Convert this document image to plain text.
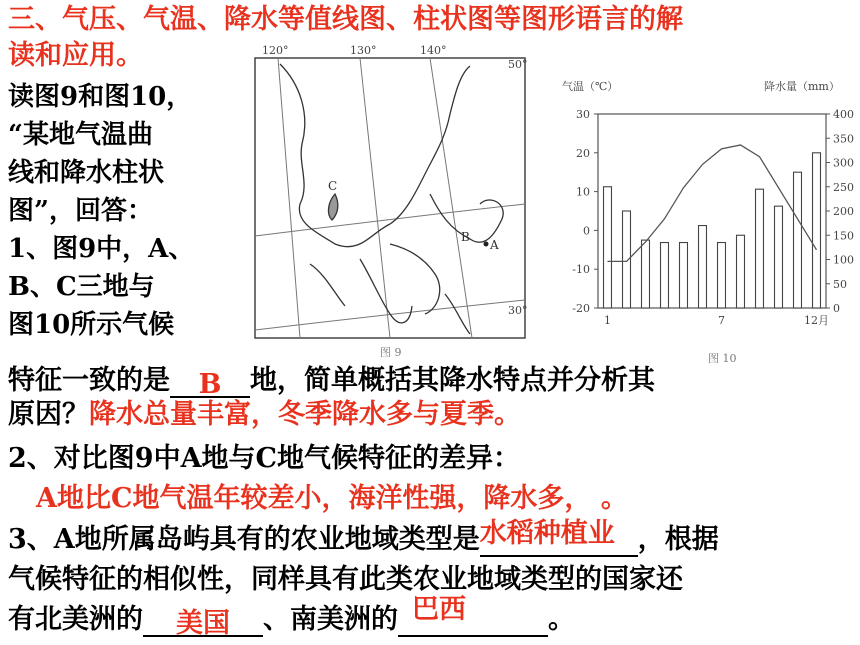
三、气压、气温、降水等值线图、柱状图等图形语言的解
读和应用。
读图9和图10，
“某地气温曲
线和降水柱状
图”，回答：
1、图9中，A、
B、C三地与
图10所示气候
120°	130°	140°
50°
30°
A
B
C
图 9
气温（℃）	降水量（mm）
30
20
10
0
-10
-20
400
350
300
250
200
150
100
50
0
1	7	12月
图 10
特征一致的是 B 地，简单概括其降水特点并分析其
原因？降水总量丰富，冬季降水多与夏季。
2、对比图9中A地与C地气候特征的差异：
A地比C地气温年较差小，海洋性强，降水多， 。
3、A地所属岛屿具有的农业地域类型是 水稻种植业 ，根据
气候特征的相似性，同样具有此类农业地域类型的国家还
有北美洲的 美国 、南美洲的 巴西	。
